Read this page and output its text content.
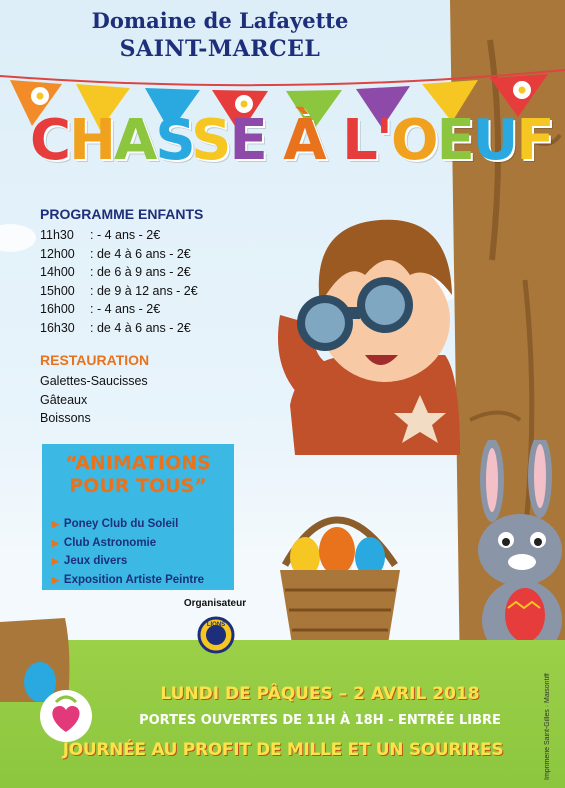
Domaine de Lafayette
SAINT-MARCEL
CHASSE À L'OEUF
PROGRAMME ENFANTS
11h30 : - 4 ans - 2€
12h00 : de 4 à 6 ans - 2€
14h00 : de 6 à 9 ans - 2€
15h00 : de 9 à 12 ans - 2€
16h00 : - 4 ans - 2€
16h30 : de 4 à 6 ans - 2€
RESTAURATION
Galettes-Saucisses
Gâteaux
Boissons
“ANIMATIONS
POUR TOUS”
▶ Poney Club du Soleil
▶ Club Astronomie
▶ Jeux divers
▶ Exposition Artiste Peintre
Organisateur
LIONS
LUNDI DE PÂQUES – 2 AVRIL 2018
PORTES OUVERTES DE 11H À 18H - ENTRÉE LIBRE
JOURNÉE AU PROFIT DE MILLE ET UN SOURIRES	Imprimerie Saint-Gilles · Maisontiff
